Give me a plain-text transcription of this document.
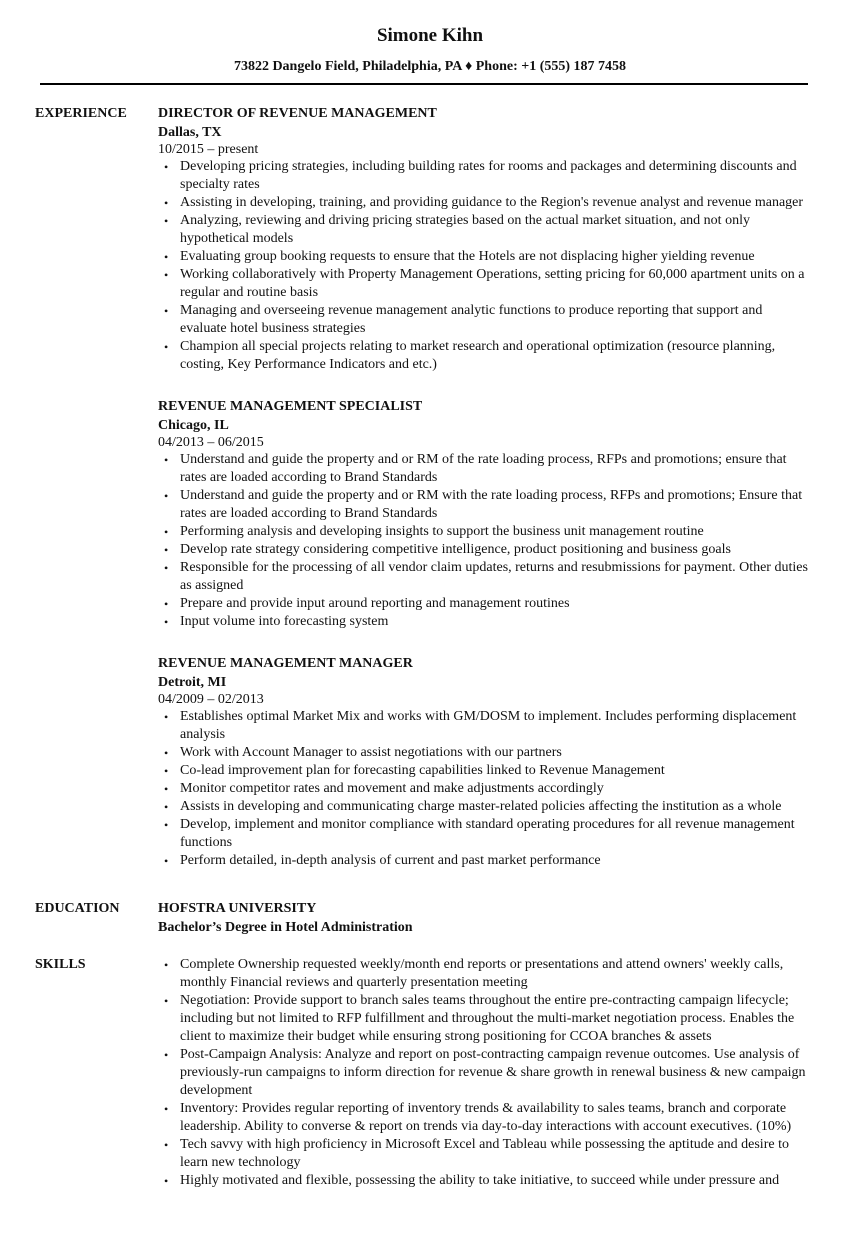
Simone Kihn
73822 Dangelo Field, Philadelphia, PA ♦ Phone: +1 (555) 187 7458
EXPERIENCE DIRECTOR OF REVENUE MANAGEMENT
Dallas, TX
10/2015 – present
• Developing pricing strategies, including building rates for rooms and packages and determining discounts and specialty rates
• Assisting in developing, training, and providing guidance to the Region's revenue analyst and revenue manager
• Analyzing, reviewing and driving pricing strategies based on the actual market situation, and not only hypothetical models
• Evaluating group booking requests to ensure that the Hotels are not displacing higher yielding revenue
• Working collaboratively with Property Management Operations, setting pricing for 60,000 apartment units on a regular and routine basis
• Managing and overseeing revenue management analytic functions to produce reporting that support and evaluate hotel business strategies
• Champion all special projects relating to market research and operational optimization (resource planning, costing, Key Performance Indicators and etc.)
REVENUE MANAGEMENT SPECIALIST
Chicago, IL
04/2013 – 06/2015
• Understand and guide the property and or RM of the rate loading process, RFPs and promotions; ensure that rates are loaded according to Brand Standards
• Understand and guide the property and or RM with the rate loading process, RFPs and promotions; Ensure that rates are loaded according to Brand Standards
• Performing analysis and developing insights to support the business unit management routine
• Develop rate strategy considering competitive intelligence, product positioning and business goals
• Responsible for the processing of all vendor claim updates, returns and resubmissions for payment. Other duties as assigned
• Prepare and provide input around reporting and management routines
• Input volume into forecasting system
REVENUE MANAGEMENT MANAGER
Detroit, MI
04/2009 – 02/2013
• Establishes optimal Market Mix and works with GM/DOSM to implement. Includes performing displacement analysis
• Work with Account Manager to assist negotiations with our partners
• Co-lead improvement plan for forecasting capabilities linked to Revenue Management
• Monitor competitor rates and movement and make adjustments accordingly
• Assists in developing and communicating charge master-related policies affecting the institution as a whole
• Develop, implement and monitor compliance with standard operating procedures for all revenue management functions
• Perform detailed, in-depth analysis of current and past market performance
EDUCATION	HOFSTRA UNIVERSITY
Bachelor’s Degree in Hotel Administration
SKILLS	• Complete Ownership requested weekly/month end reports or presentations and attend owners' weekly calls, monthly Financial reviews and quarterly presentation meeting
• Negotiation: Provide support to branch sales teams throughout the entire pre-contracting campaign lifecycle; including but not limited to RFP fulfillment and throughout the multi-market negotiation process. Enables the client to maximize their budget while ensuring strong positioning for CCOA branches & assets
• Post-Campaign Analysis: Analyze and report on post-contracting campaign revenue outcomes. Use analysis of previously-run campaigns to inform direction for revenue & share growth in renewal business & new campaign development
• Inventory: Provides regular reporting of inventory trends & availability to sales teams, branch and corporate leadership. Ability to converse & report on trends via day-to-day interactions with account executives. (10%)
• Tech savvy with high proficiency in Microsoft Excel and Tableau while possessing the aptitude and desire to learn new technology
• Highly motivated and flexible, possessing the ability to take initiative, to succeed while under pressure and
